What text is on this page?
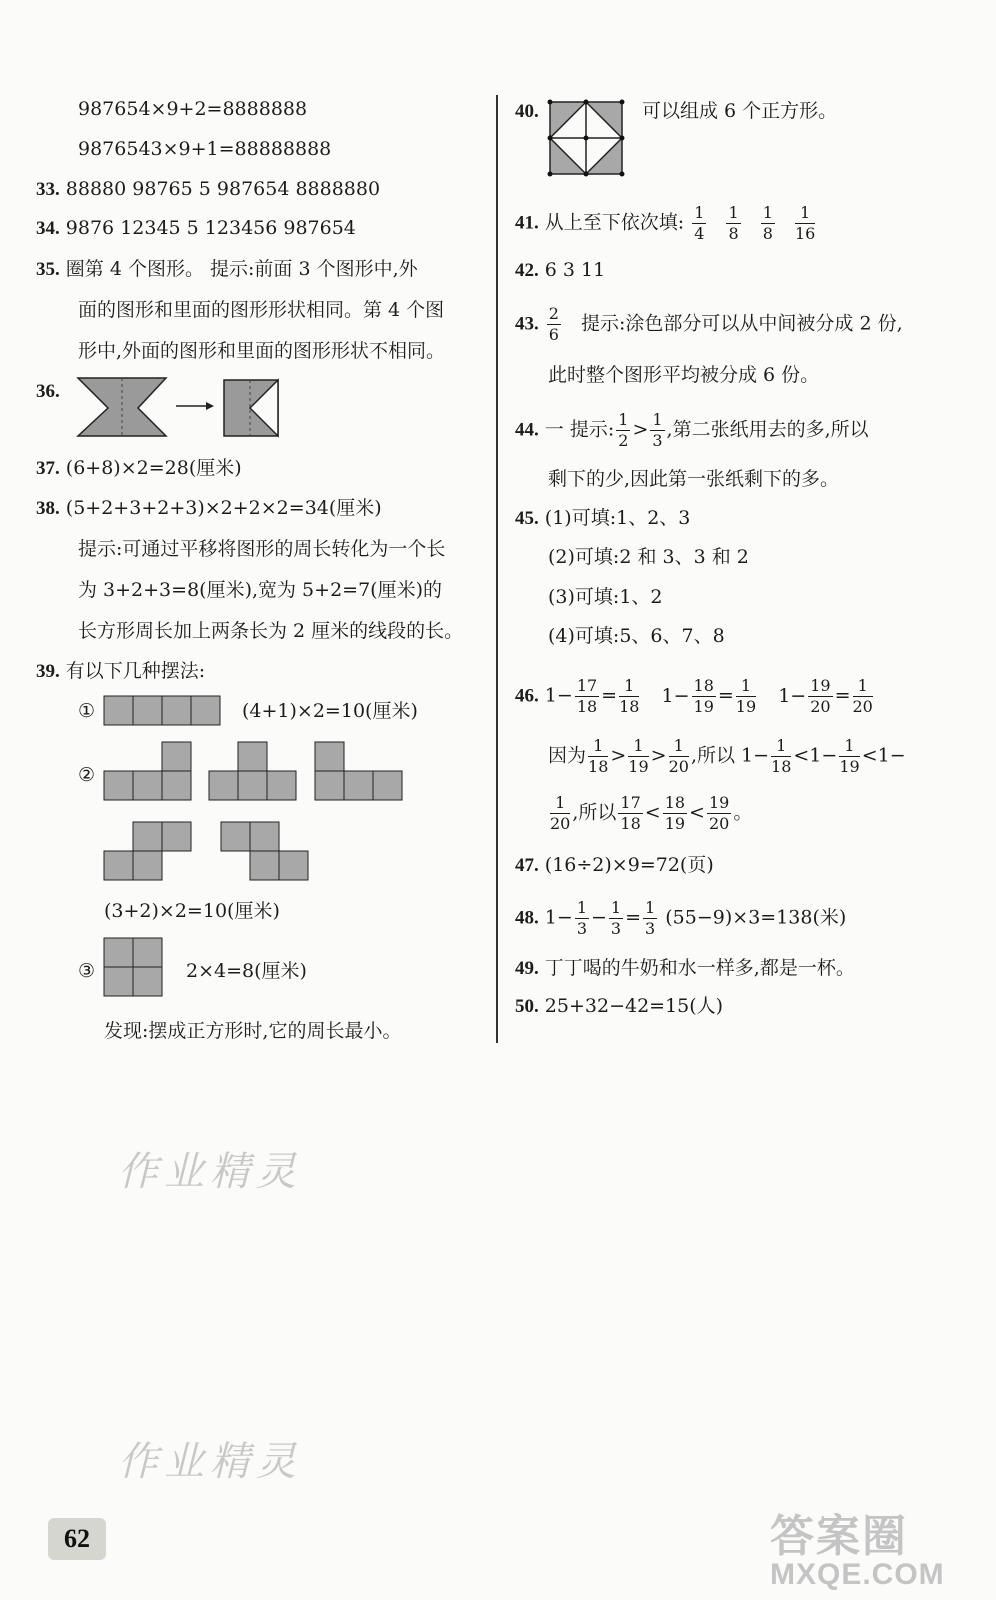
987654×9+2=8888888
9876543×9+1=88888888
33. 88880 98765 5 987654 8888880
34. 9876 12345 5 123456 987654
35. 圈第 4 个图形。 提示:前面 3 个图形中,外
面的图形和里面的图形形状相同。第 4 个图
形中,外面的图形和里面的图形形状不相同。
36.
37. (6+8)×2=28(厘米)
38. (5+2+3+2+3)×2+2×2=34(厘米)
提示:可通过平移将图形的周长转化为一个长
为 3+2+3=8(厘米),宽为 5+2=7(厘米)的
长方形周长加上两条长为 2 厘米的线段的长。
39. 有以下几种摆法:
①	(4+1)×2=10(厘米)
②
(3+2)×2=10(厘米)
③	2×4=8(厘米)
发现:摆成正方形时,它的周长最小。
40.	可以组成 6 个正方形。
41. 从上至下依次填: $\frac{1}{4}$
$\frac{1}{8}$
$\frac{1}{8}$
$\frac{1}{16}$
42. 6 3 11
43. $\frac{2}{6}$ 提示:涂色部分可以从中间被分成 2 份,
此时整个图形平均被分成 6 份。
44. 一 提示: $\frac{1}{2} > \frac{1}{3}$ ,第二张纸用去的多,所以
剩下的少,因此第一张纸剩下的多。
45. (1)可填:1、2、3
(2)可填:2 和 3、3 和 2
(3)可填:1、2
(4)可填:5、6、7、8
46. $1- \frac{17}{18} = \frac{1}{18} 1- \frac{18}{19} = \frac{1}{19} 1- \frac{19}{20} = \frac{1}{20}$
因为 $\frac{1}{18} > \frac{1}{19} > \frac{1}{20}$ ,所以 $1- \frac{1}{18} <1- \frac{1}{19} <1-$
$\frac{1}{20}$ ,所以 $\frac{17}{18} < \frac{18}{19} < \frac{19}{20}$ 。
47. (16÷2)×9=72(页)
48. $1- \frac{1}{3} - \frac{1}{3} = \frac{1}{3} (55-9)\times 3=138$(米)
49. 丁丁喝的牛奶和水一样多,都是一杯。
50. 25+32−42=15(人)
作业精灵
作业精灵
62	答案圈
MXQE.COM
